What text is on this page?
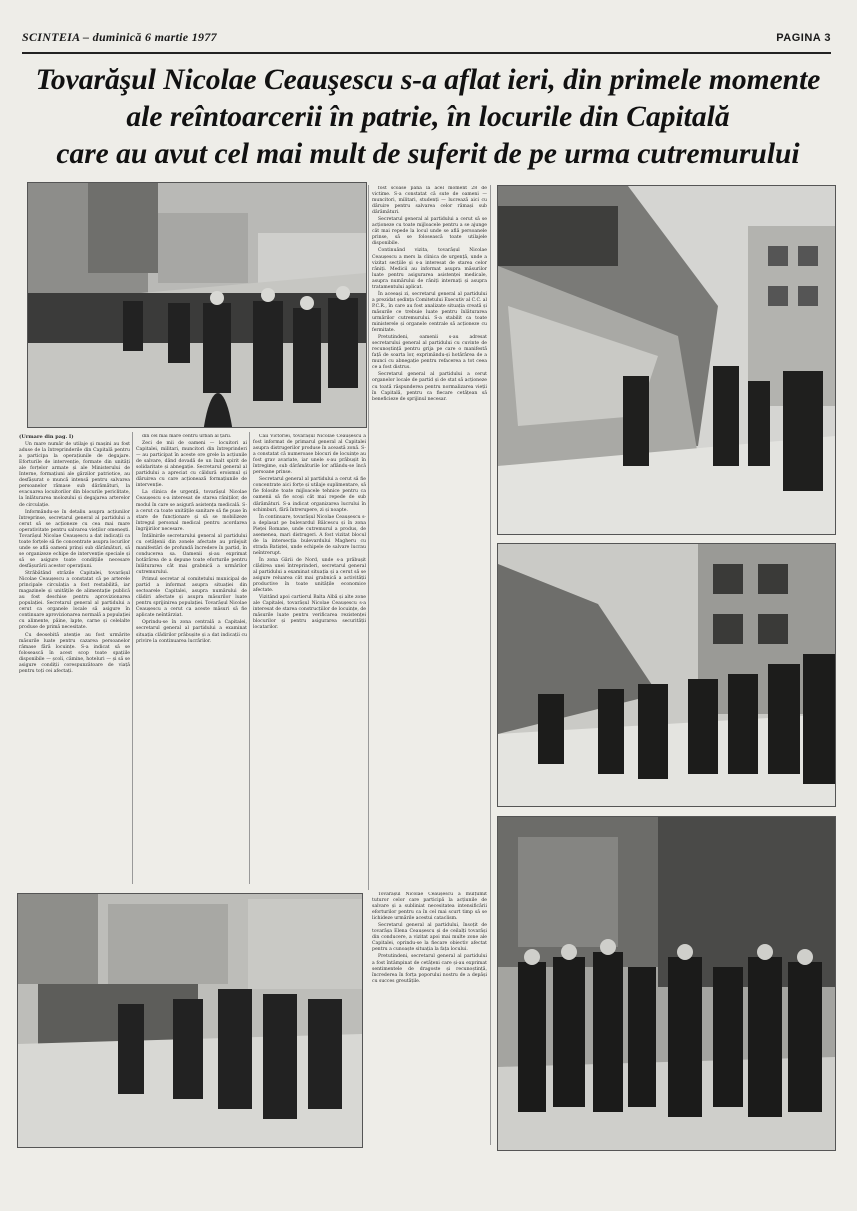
SCINTEIA – duminică 6 martie 1977	PAGINA 3
Tovarăşul Nicolae Ceauşescu s-a aflat ieri, din primele momente
ale reîntoarcerii în patrie, în locurile din Capitală
care au avut cel mai mult de suferit de pe urma cutremurului
(Urmare din pag. I)

Un mare număr de utilaje şi mașini au fost aduse de la întreprinderile din Capitală pentru a participa la operațiunile de degajare. Eforturile de intervenție, formate din unități ale forțelor armate și ale Ministerului de Interne, formațiuni ale gărzilor patriotice, au desfășurat o muncă intensă pentru salvarea persoanelor rămase sub dărâmături, la evacuarea locuitorilor din blocurile periclitate, la înlăturarea molozului și degajarea arterelor de circulație.

Informându-se în detaliu asupra acțiunilor întreprinse, secretarul general al partidului a cerut să se acționeze cu cea mai mare operativitate pentru salvarea vieților omenești. Tovarășul Nicolae Ceaușescu a dat indicații ca toate forțele să fie concentrate asupra locurilor unde se află oameni prinși sub dărâmături, să se organizeze echipe de intervenție speciale și să se asigure toate condițiile necesare desfășurării acestor operațiuni.

Străbătând străzile Capitalei, tovarășul Nicolae Ceaușescu a constatat că pe arterele principale circulația a fost restabilită, iar magazinele și unitățile de alimentație publică au fost deschise pentru aprovizionarea populației. Secretarul general al partidului a cerut ca organele locale să asigure în continuare aprovizionarea normală a populației cu alimente, pâine, lapte, carne și celelalte produse de primă necesitate.

Cu deosebită atenție au fost urmărite măsurile luate pentru cazarea persoanelor rămase fără locuințe. S-a indicat să se folosească în acest scop toate spațiile disponibile — școli, cămine, hoteluri — și să se asigure condiții corespunzătoare de viață pentru toți cei afectați.

din cel mai mare centru urban al țării.

Zeci de mii de oameni — locuitori ai Capitalei, militari, muncitori din întreprinderi — au participat în aceste ore grele la acțiunile de salvare, dând dovadă de un înalt spirit de solidaritate și abnegație. Secretarul general al partidului a apreciat cu căldură eroismul și dăruirea cu care acționează formațiunile de intervenție.

La clinica de urgență, tovarășul Nicolae Ceaușescu s-a interesat de starea răniților, de modul în care se asigură asistența medicală. S-a cerut ca toate unitățile sanitare să fie puse în stare de funcționare și să se mobilizeze întregul personal medical pentru acordarea îngrijirilor necesare.

Întâlnirile secretarului general al partidului cu cetățenii din zonele afectate au prilejuit manifestări de profundă încredere în partid, în conducerea sa. Oamenii și-au exprimat hotărârea de a depune toate eforturile pentru înlăturarea cât mai grabnică a urmărilor cutremurului.

Primul secretar al comitetului municipal de partid a informat asupra situației din sectoarele Capitalei, asupra numărului de clădiri afectate și asupra măsurilor luate pentru sprijinirea populației. Tovarășul Nicolae Ceaușescu a cerut ca aceste măsuri să fie aplicate neîntârziat.

Oprindu-se în zona centrală a Capitalei, secretarul general al partidului a examinat situația clădirilor prăbușite și a dat indicații cu privire la continuarea lucrărilor.

Căii Victoriei, tovarășul Nicolae Ceaușescu a fost informat de primarul general al Capitalei asupra distrugerilor produse în această zonă. S-a constatat că numeroase blocuri de locuințe au fost grav avariate, iar unele s-au prăbușit în întregime, sub dărâmăturile lor aflându-se încă persoane prinse.

Secretarul general al partidului a cerut să fie concentrate aici forțe și utilaje suplimentare, să fie folosite toate mijloacele tehnice pentru ca oamenii să fie scoși cât mai repede de sub dărâmături. S-a indicat organizarea lucrului în schimburi, fără întrerupere, zi și noapte.

În continuare, tovarășul Nicolae Ceaușescu s-a deplasat pe bulevardul Bălcescu și în zona Pieței Romane, unde cutremurul a produs, de asemenea, mari distrugeri. A fost vizitat blocul de la intersecția bulevardului Magheru cu strada Batiștei, unde echipele de salvare lucrau neîntrerupt.

În zona Gării de Nord, unde s-a prăbușit clădirea unei întreprinderi, secretarul general al partidului a examinat situația și a cerut să se asigure reluarea cât mai grabnică a activității productive în toate unitățile economice afectate.

Vizitând apoi cartierul Balta Albă și alte zone ale Capitalei, tovarășul Nicolae Ceaușescu s-a interesat de starea construcțiilor de locuințe, de măsurile luate pentru verificarea rezistenței blocurilor și pentru asigurarea securității locatarilor.

fost scoase până la acel moment 28 de victime. S-a constatat că sute de oameni — muncitori, militari, studenți — lucrează aici cu dăruire pentru salvarea celor rămași sub dărâmături.

Secretarul general al partidului a cerut să se acționeze cu toate mijloacele pentru a se ajunge cât mai repede la locul unde se află persoanele prinse, să se folosească toate utilajele disponibile.

Continuând vizita, tovarășul Nicolae Ceaușescu a mers la clinica de urgență, unde a vizitat secțiile și s-a interesat de starea celor răniți. Medicii au informat asupra măsurilor luate pentru asigurarea asistenței medicale, asupra numărului de răniți internați și asupra tratamentului aplicat.

În aceeași zi, secretarul general al partidului a prezidat ședința Comitetului Executiv al C.C. al P.C.R., în care au fost analizate situația creată și măsurile ce trebuie luate pentru înlăturarea urmărilor cutremurului. S-a stabilit ca toate ministerele și organele centrale să acționeze cu fermitate.

Pretutindeni, oamenii s-au adresat secretarului general al partidului cu cuvinte de recunoștință pentru grija pe care o manifestă față de soarta lor, exprimându-și hotărârea de a munci cu abnegație pentru refacerea a tot ceea ce a fost distrus.

Secretarul general al partidului a cerut organelor locale de partid și de stat să acționeze cu toată răspunderea pentru normalizarea vieții în Capitală, pentru ca fiecare cetățean să beneficieze de sprijinul necesar.

Tovarășul Nicolae Ceaușescu a mulțumit tuturor celor care participă la acțiunile de salvare și a subliniat necesitatea intensificării eforturilor pentru ca în cel mai scurt timp să se lichideze urmările acestui cataclism.

Secretarul general al partidului, însoțit de tovarășa Elena Ceaușescu și de ceilalți tovarăși din conducere, a vizitat apoi mai multe zone ale Capitalei, oprindu-se la fiecare obiectiv afectat pentru a cunoaște situația la fața locului.

Pretutindeni, secretarul general al partidului a fost întâmpinat de cetățeni care și-au exprimat sentimentele de dragoste și recunoștință, încrederea în forța poporului nostru de a depăși cu succes greutățile.
